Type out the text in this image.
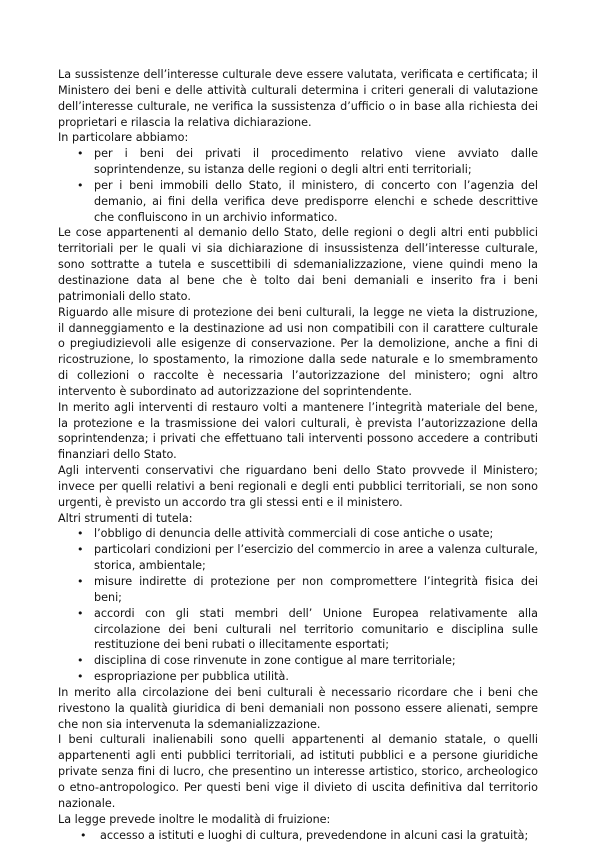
La sussistenze dell’interesse culturale deve essere valutata, verificata e certificata; il Ministero dei beni e delle attività culturali determina i criteri generali di valutazione dell’interesse culturale, ne verifica la sussistenza d’ufficio o in base alla richiesta dei proprietari e rilascia la relativa dichiarazione.

In particolare abbiamo:

• per i beni dei privati il procedimento relativo viene avviato dalle soprintendenze, su istanza delle regioni o degli altri enti territoriali;
• per i beni immobili dello Stato, il ministero, di concerto con l’agenzia del demanio, ai fini della verifica deve predisporre elenchi e schede descrittive che confluiscono in un archivio informatico.

Le cose appartenenti al demanio dello Stato, delle regioni o degli altri enti pubblici territoriali per le quali vi sia dichiarazione di insussistenza dell’interesse culturale, sono sottratte a tutela e suscettibili di sdemanializzazione, viene quindi meno la destinazione data al bene che è tolto dai beni demaniali e inserito fra i beni patrimoniali dello stato.

Riguardo alle misure di protezione dei beni culturali, la legge ne vieta la distruzione, il danneggiamento e la destinazione ad usi non compatibili con il carattere culturale o pregiudizievoli alle esigenze di conservazione. Per la demolizione, anche a fini di ricostruzione, lo spostamento, la rimozione dalla sede naturale e lo smembramento di collezioni o raccolte è necessaria l’autorizzazione del ministero; ogni altro intervento è subordinato ad autorizzazione del soprintendente.

In merito agli interventi di restauro volti a mantenere l’integrità materiale del bene, la protezione e la trasmissione dei valori culturali, è prevista l’autorizzazione della soprintendenza; i privati che effettuano tali interventi possono accedere a contributi finanziari dello Stato.

Agli interventi conservativi che riguardano beni dello Stato provvede il Ministero; invece per quelli relativi a beni regionali e degli enti pubblici territoriali, se non sono urgenti, è previsto un accordo tra gli stessi enti e il ministero.

Altri strumenti di tutela:

• l’obbligo di denuncia delle attività commerciali di cose antiche o usate;
• particolari condizioni per l’esercizio del commercio in aree a valenza culturale, storica, ambientale;
• misure indirette di protezione per non compromettere l’integrità fisica dei beni;
• accordi con gli stati membri dell’ Unione Europea relativamente alla circolazione dei beni culturali nel territorio comunitario e disciplina sulle restituzione dei beni rubati o illecitamente esportati;
• disciplina di cose rinvenute in zone contigue al mare territoriale;
• espropriazione per pubblica utilità.

In merito alla circolazione dei beni culturali è necessario ricordare che i beni che rivestono la qualità giuridica di beni demaniali non possono essere alienati, sempre che non sia intervenuta la sdemanializzazione.

I beni culturali inalienabili sono quelli appartenenti al demanio statale, o quelli appartenenti agli enti pubblici territoriali, ad istituti pubblici e a persone giuridiche private senza fini di lucro, che presentino un interesse artistico, storico, archeologico o etno-antropologico. Per questi beni vige il divieto di uscita definitiva dal territorio nazionale.

La legge prevede inoltre le modalità di fruizione:

• accesso a istituti e luoghi di cultura, prevedendone in alcuni casi la gratuità;
